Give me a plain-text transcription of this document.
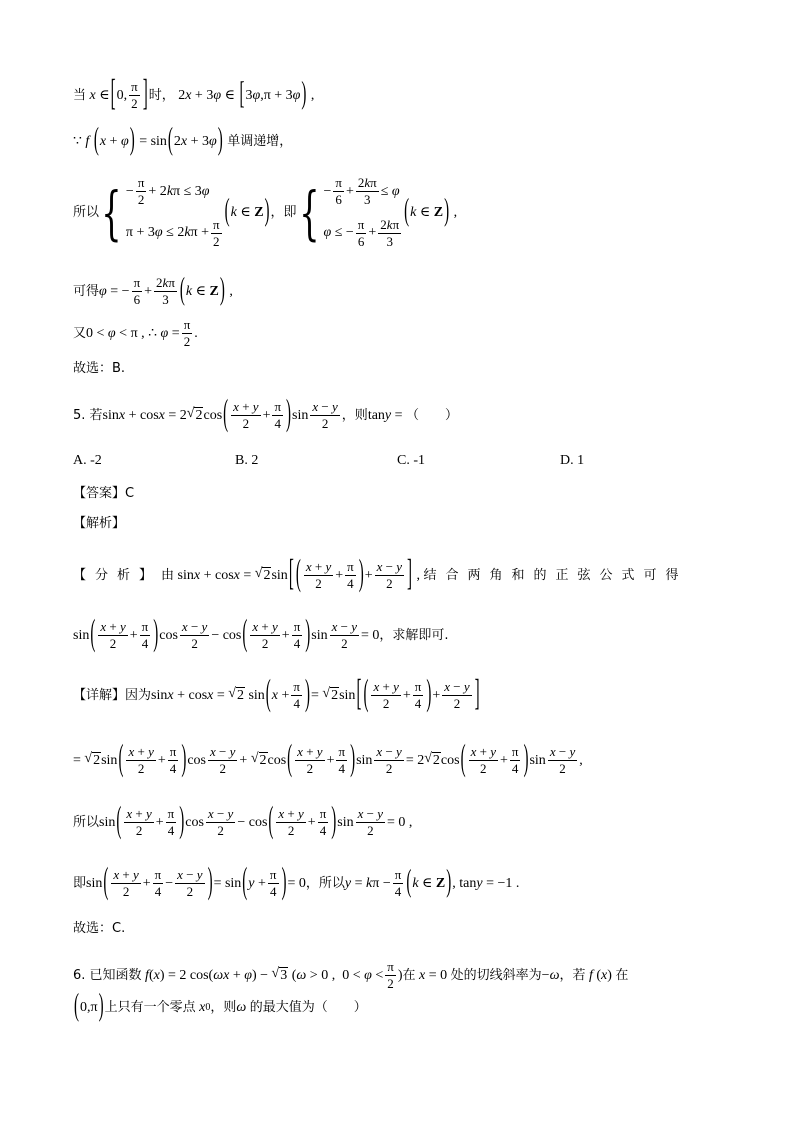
当 x ∈ [ 0, $\frac{\pi}{2}$ ] 时， 2 x + 3 φ ∈ [ 3 φ ,π + 3 φ ) ,
∵ f
( x + φ ) = sin ( 2 x + 3 φ )
单调递增，
所以 { − $\frac{\pi}{2} + 2$ k π ≤ 3 φ
π + 3 φ ≤ 2 k $\pi + \frac{\pi}{2}$
( k ∈ Z ) ，即 { − $\frac{\pi}{6} + \frac{2k\pi}{3} \le \varphi$
φ ≤ − $\frac{\pi}{6} + \frac{2k\pi}{3}$
( k ∈ Z ) ,
可得 φ = − $\frac{\pi}{6} + \frac{2k\pi}{3}$ ( k ∈ Z ) ,
又 0 < φ < π , ∴ $\varphi = \frac{\pi}{2}$ .
故选：B.
5. 若 sin x + cos x = 2 √ 2 cos ( $\frac{x + y}{2} + \frac{\pi}{4}$ ) $\sin \frac{x - y}{2}$ ，则 tan y = （　　）
A. -2	B. 2	C. -1	D. 1
【答案】C
【解析】
【分析】 由 sin x + cos x = √ 2 sin [ ( $\frac{x + y}{2} + \frac{\pi}{4}$ ) + $\frac{x - y}{2}$ ] , 结合两角和的正弦公式可得
sin ( $\frac{x + y}{2} + \frac{\pi}{4}$ ) $\cos \frac{x - y}{2} - \cos$ ( $\frac{x + y}{2} + \frac{\pi}{4}$ ) $\sin \frac{x - y}{2} = 0$ ，求解即可.
【详解】因为 sin x + cos x = √ 2 sin ( $x + \frac{\pi}{4}$ ) = √ 2 sin [ ( $\frac{x + y}{2} + \frac{\pi}{4}$ ) + $\frac{x - y}{2}$ ]
= √ 2 sin ( $\frac{x + y}{2} + \frac{\pi}{4}$ ) $\cos \frac{x - y}{2}$ + √ 2 cos ( $\frac{x + y}{2} + \frac{\pi}{4}$ ) $\sin \frac{x - y}{2} = 2$ √ 2 cos ( $\frac{x + y}{2} + \frac{\pi}{4}$ ) $\sin \frac{x - y}{2}$ ,
所以 sin ( $\frac{x + y}{2} + \frac{\pi}{4}$ ) $\cos \frac{x - y}{2} - \cos$ ( $\frac{x + y}{2} + \frac{\pi}{4}$ ) $\sin \frac{x - y}{2} = 0$ ,
即 sin ( $\frac{x + y}{2} + \frac{\pi}{4} - \frac{x - y}{2}$ ) = sin ( $y + \frac{\pi}{4}$ ) = 0 ，所以 y = k $\pi - \frac{\pi}{4}$ ( k ∈ Z ) , tan y = −1 .
故选：C.
6. 已知函数
f ( x ) = 2 cos( ωx + φ ) − √ 3 ( ω > 0 ,  $0 < \varphi < \frac{\pi}{2}$ ) 在
x = 0 处的切线斜率为 − ω ，若
f ( x ) 在
( 0,π ) 上只有一个零点
x 0 ，则 ω
的最大值为（　　）
